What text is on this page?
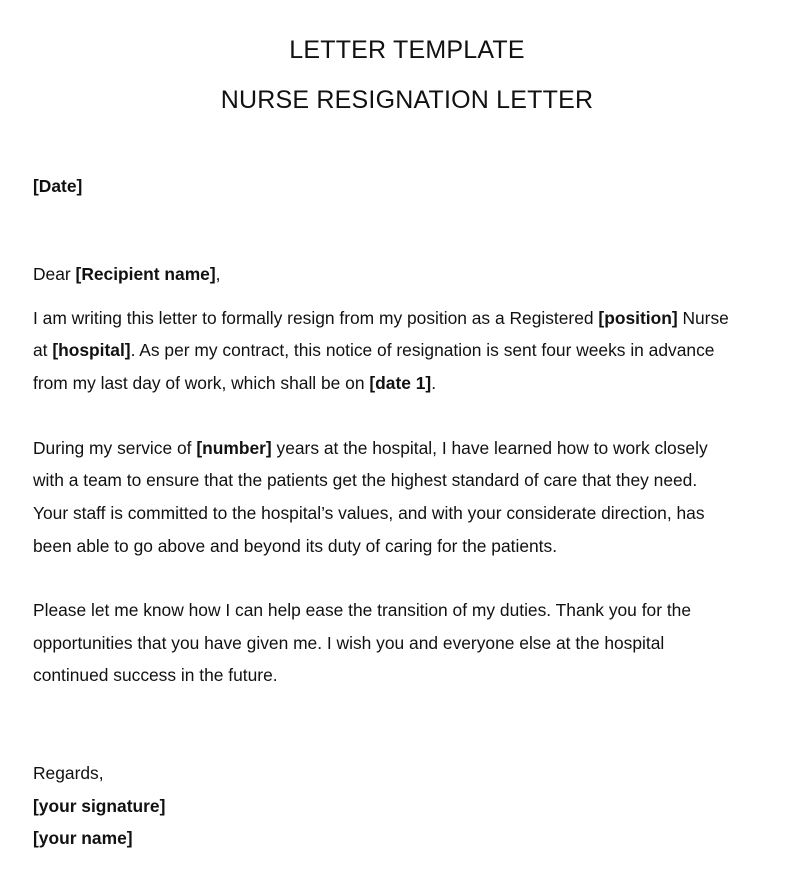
LETTER TEMPLATE
NURSE RESIGNATION LETTER
[Date]
Dear [Recipient name],
I am writing this letter to formally resign from my position as a Registered [position] Nurse
at [hospital]. As per my contract, this notice of resignation is sent four weeks in advance
from my last day of work, which shall be on [date 1].
During my service of [number] years at the hospital, I have learned how to work closely
with a team to ensure that the patients get the highest standard of care that they need.
Your staff is committed to the hospital’s values, and with your considerate direction, has
been able to go above and beyond its duty of caring for the patients.
Please let me know how I can help ease the transition of my duties. Thank you for the
opportunities that you have given me. I wish you and everyone else at the hospital
continued success in the future.
Regards,
[your signature]
[your name]
